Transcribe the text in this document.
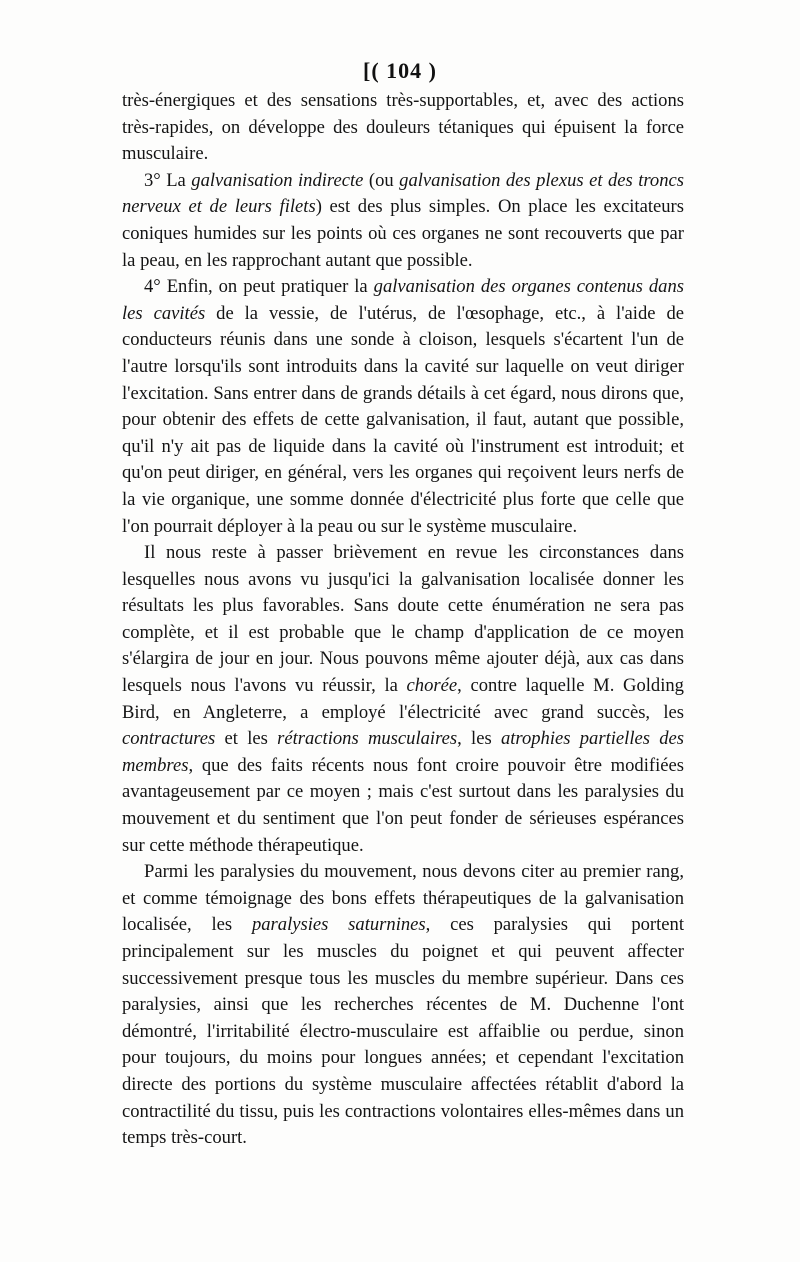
[( 104 )

très-énergiques et des sensations très-supportables, et, avec des actions très-rapides, on développe des douleurs tétaniques qui épuisent la force musculaire.

3° La galvanisation indirecte (ou galvanisation des plexus et des troncs nerveux et de leurs filets) est des plus simples. On place les excitateurs coniques humides sur les points où ces organes ne sont recouverts que par la peau, en les rapprochant autant que possible.

4° Enfin, on peut pratiquer la galvanisation des organes contenus dans les cavités de la vessie, de l'utérus, de l'œsophage, etc., à l'aide de conducteurs réunis dans une sonde à cloison, lesquels s'écartent l'un de l'autre lorsqu'ils sont introduits dans la cavité sur laquelle on veut diriger l'excitation. Sans entrer dans de grands détails à cet égard, nous dirons que, pour obtenir des effets de cette galvanisation, il faut, autant que possible, qu'il n'y ait pas de liquide dans la cavité où l'instrument est introduit; et qu'on peut diriger, en général, vers les organes qui reçoivent leurs nerfs de la vie organique, une somme donnée d'électricité plus forte que celle que l'on pourrait déployer à la peau ou sur le système musculaire.

Il nous reste à passer brièvement en revue les circonstances dans lesquelles nous avons vu jusqu'ici la galvanisation localisée donner les résultats les plus favorables. Sans doute cette énumération ne sera pas complète, et il est probable que le champ d'application de ce moyen s'élargira de jour en jour. Nous pouvons même ajouter déjà, aux cas dans lesquels nous l'avons vu réussir, la chorée, contre laquelle M. Golding Bird, en Angleterre, a employé l'électricité avec grand succès, les contractures et les rétractions musculaires, les atrophies partielles des membres, que des faits récents nous font croire pouvoir être modifiées avantageusement par ce moyen ; mais c'est surtout dans les paralysies du mouvement et du sentiment que l'on peut fonder de sérieuses espérances sur cette méthode thérapeutique.

Parmi les paralysies du mouvement, nous devons citer au premier rang, et comme témoignage des bons effets thérapeutiques de la galvanisation localisée, les paralysies saturnines, ces paralysies qui portent principalement sur les muscles du poignet et qui peuvent affecter successivement presque tous les muscles du membre supérieur. Dans ces paralysies, ainsi que les recherches récentes de M. Duchenne l'ont démontré, l'irritabilité électro-musculaire est affaiblie ou perdue, sinon pour toujours, du moins pour longues années; et cependant l'excitation directe des portions du système musculaire affectées rétablit d'abord la contractilité du tissu, puis les contractions volontaires elles-mêmes dans un temps très-court.
